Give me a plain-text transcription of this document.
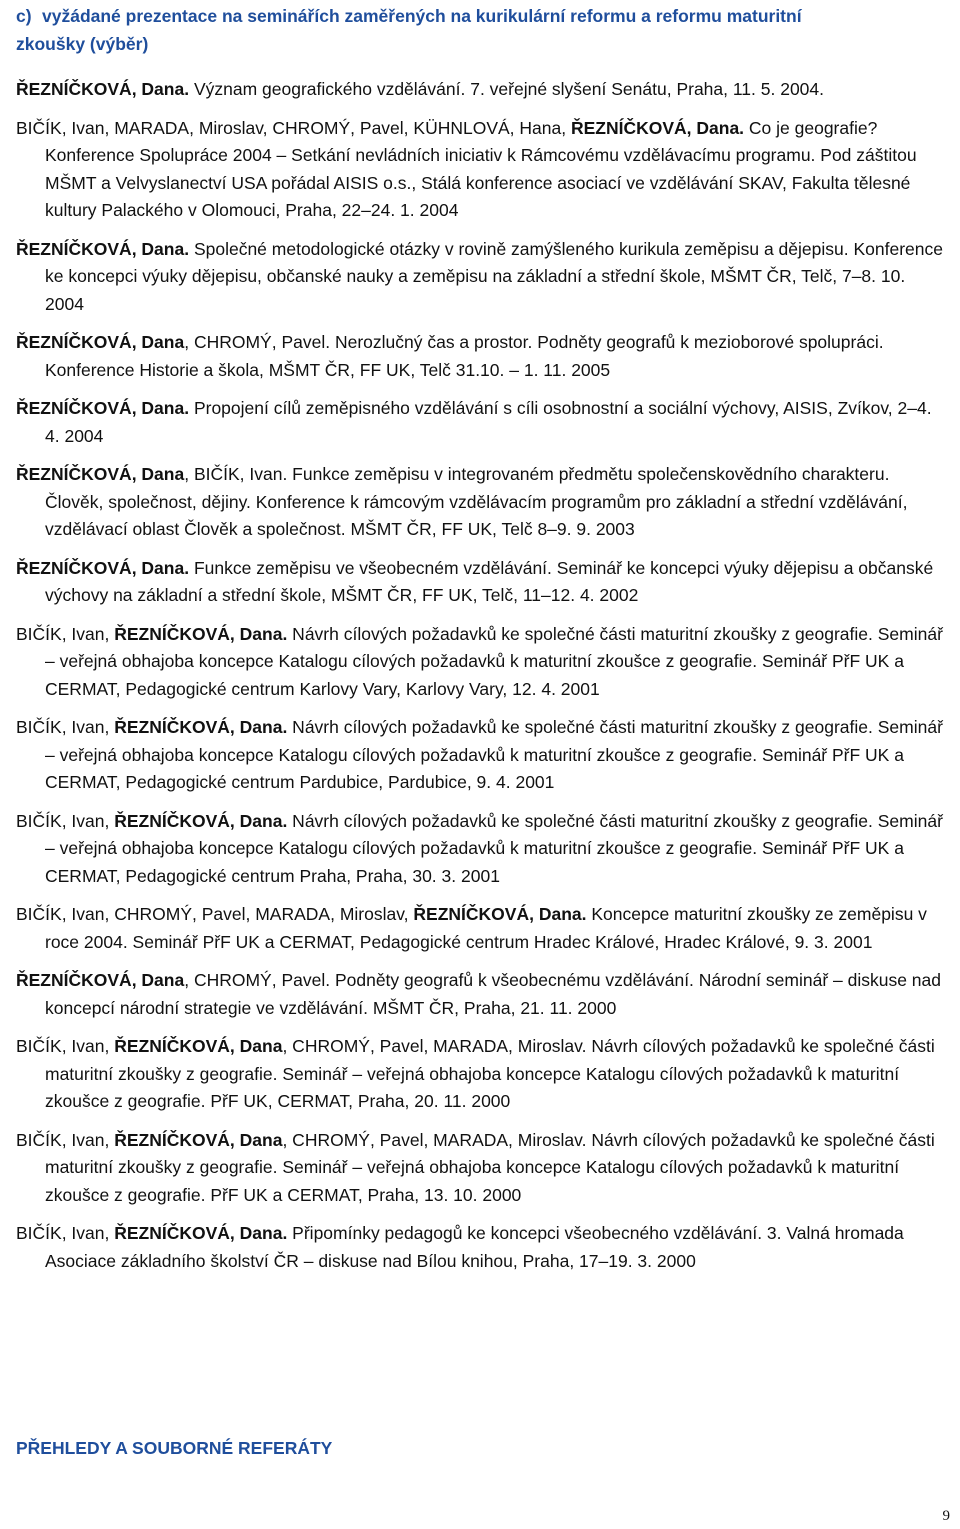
c) vyžádané prezentace na seminářích zaměřených na kurikulární reformu a reformu maturitní
zkoušky (výběr)

ŘEZNÍČKOVÁ, Dana. Význam geografického vzdělávání. 7. veřejné slyšení Senátu, Praha, 11. 5. 2004.

BIČÍK, Ivan, MARADA, Miroslav, CHROMÝ, Pavel, KÜHNLOVÁ, Hana, ŘEZNÍČKOVÁ, Dana. Co je geografie? Konference Spolupráce 2004 – Setkání nevládních iniciativ k Rámcovému vzdělávacímu programu. Pod záštitou MŠMT a Velvyslanectví USA pořádal AISIS o.s., Stálá konference asociací ve vzdělávání SKAV, Fakulta tělesné kultury Palackého v Olomouci, Praha, 22–24. 1. 2004

ŘEZNÍČKOVÁ, Dana. Společné metodologické otázky v rovině zamýšleného kurikula zeměpisu a dějepisu. Konference ke koncepci výuky dějepisu, občanské nauky a zeměpisu na základní a střední škole, MŠMT ČR, Telč, 7–8. 10. 2004

ŘEZNÍČKOVÁ, Dana, CHROMÝ, Pavel. Nerozlučný čas a prostor. Podněty geografů k mezioborové spolupráci. Konference Historie a škola, MŠMT ČR, FF UK, Telč 31.10. – 1. 11. 2005

ŘEZNÍČKOVÁ, Dana. Propojení cílů zeměpisného vzdělávání s cíli osobnostní a sociální výchovy, AISIS, Zvíkov, 2–4. 4. 2004

ŘEZNÍČKOVÁ, Dana, BIČÍK, Ivan. Funkce zeměpisu v integrovaném předmětu společenskovědního charakteru. Člověk, společnost, dějiny. Konference k rámcovým vzdělávacím programům pro základní a střední vzdělávání, vzdělávací oblast Člověk a společnost. MŠMT ČR, FF UK, Telč 8–9. 9. 2003

ŘEZNÍČKOVÁ, Dana. Funkce zeměpisu ve všeobecném vzdělávání. Seminář ke koncepci výuky dějepisu a občanské výchovy na základní a střední škole, MŠMT ČR, FF UK, Telč, 11–12. 4. 2002

BIČÍK, Ivan, ŘEZNÍČKOVÁ, Dana. Návrh cílových požadavků ke společné části maturitní zkoušky z geografie. Seminář – veřejná obhajoba koncepce Katalogu cílových požadavků k maturitní zkoušce z geografie. Seminář PřF UK a CERMAT, Pedagogické centrum Karlovy Vary, Karlovy Vary, 12. 4. 2001

BIČÍK, Ivan, ŘEZNÍČKOVÁ, Dana. Návrh cílových požadavků ke společné části maturitní zkoušky z geografie. Seminář – veřejná obhajoba koncepce Katalogu cílových požadavků k maturitní zkoušce z geografie. Seminář PřF UK a CERMAT, Pedagogické centrum Pardubice, Pardubice, 9. 4. 2001

BIČÍK, Ivan, ŘEZNÍČKOVÁ, Dana. Návrh cílových požadavků ke společné části maturitní zkoušky z geografie. Seminář – veřejná obhajoba koncepce Katalogu cílových požadavků k maturitní zkoušce z geografie. Seminář PřF UK a CERMAT, Pedagogické centrum Praha, Praha, 30. 3. 2001

BIČÍK, Ivan, CHROMÝ, Pavel, MARADA, Miroslav, ŘEZNÍČKOVÁ, Dana. Koncepce maturitní zkoušky ze zeměpisu v roce 2004. Seminář PřF UK a CERMAT, Pedagogické centrum Hradec Králové, Hradec Králové, 9. 3. 2001

ŘEZNÍČKOVÁ, Dana, CHROMÝ, Pavel. Podněty geografů k všeobecnému vzdělávání. Národní seminář – diskuse nad koncepcí národní strategie ve vzdělávání. MŠMT ČR, Praha, 21. 11. 2000

BIČÍK, Ivan, ŘEZNÍČKOVÁ, Dana, CHROMÝ, Pavel, MARADA, Miroslav. Návrh cílových požadavků ke společné části maturitní zkoušky z geografie. Seminář – veřejná obhajoba koncepce Katalogu cílových požadavků k maturitní zkoušce z geografie. PřF UK, CERMAT, Praha, 20. 11. 2000

BIČÍK, Ivan, ŘEZNÍČKOVÁ, Dana, CHROMÝ, Pavel, MARADA, Miroslav. Návrh cílových požadavků ke společné části maturitní zkoušky z geografie. Seminář – veřejná obhajoba koncepce Katalogu cílových požadavků k maturitní zkoušce z geografie. PřF UK a CERMAT, Praha, 13. 10. 2000

BIČÍK, Ivan, ŘEZNÍČKOVÁ, Dana. Připomínky pedagogů ke koncepci všeobecného vzdělávání. 3. Valná hromada Asociace základního školství ČR – diskuse nad Bílou knihou, Praha, 17–19. 3. 2000

PŘEHLEDY A SOUBORNÉ REFERÁTY
9
